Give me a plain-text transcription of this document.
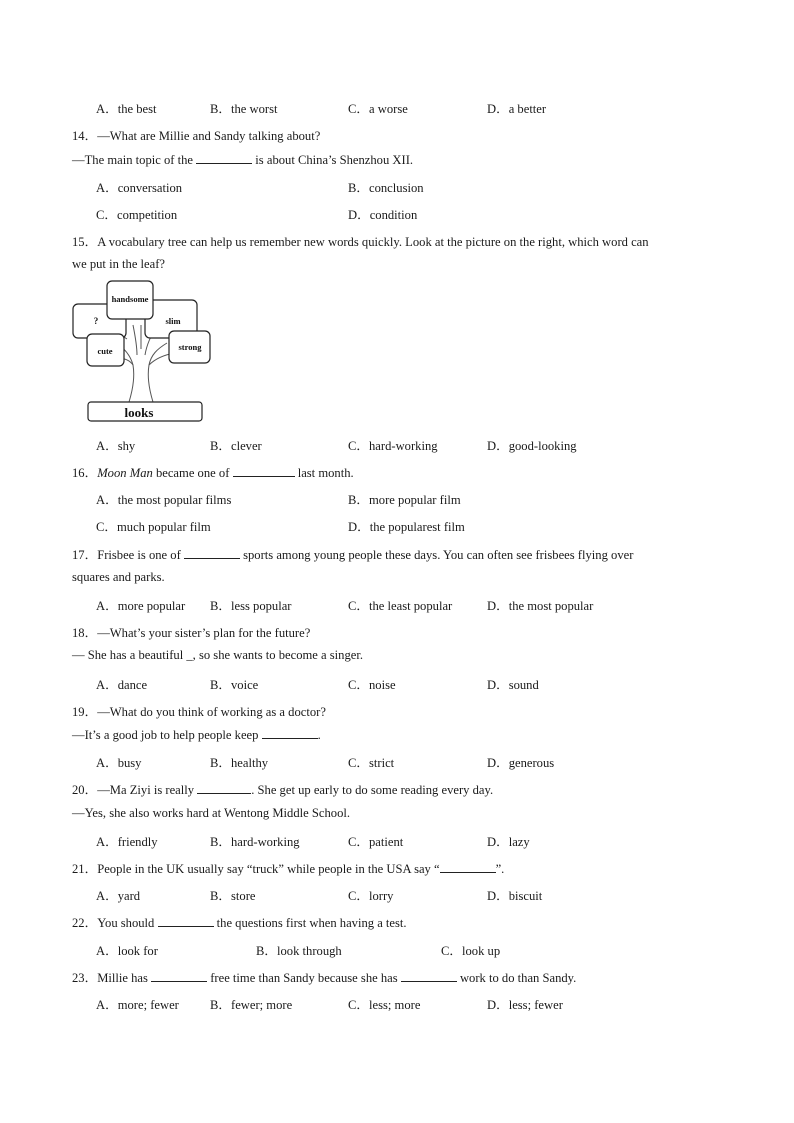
A．the best	B．the worst	C．a worse	D．a better
14．—What are Millie and Sandy talking about?
—The main topic of the	is about China’s Shenzhou XII.
A．conversation	B．conclusion
C．competition	D．condition
15．A vocabulary tree can help us remember new words quickly. Look at the picture on the right, which word can
we put in the leaf?
handsome
?	slim
cute	strong
looks
A．shy	B．clever	C．hard-working	D．good-looking
16．Moon Man became one of	last month.
A．the most popular films	B．more popular film
C．much popular film	D．the popularest film
17．Frisbee is one of	sports among young people these days. You can often see frisbees flying over
squares and parks.
A．more popular B．less popular	C．the least popular	D．the most popular
18．—What’s your sister’s plan for the future?
— She has a beautiful _, so she wants to become a singer.
A．dance	B．voice	C．noise	D．sound
19．—What do you think of working as a doctor?
—It’s a good job to help people keep	.
A．busy	B．healthy	C．strict	D．generous
20．—Ma Ziyi is really	. She get up early to do some reading every day.
—Yes, she also works hard at Wentong Middle School.
A．friendly	B．hard-working	C．patient	D．lazy
21．People in the UK usually say “truck” while people in the USA say “	”.
A．yard	B．store	C．lorry	D．biscuit
22．You should	the questions first when having a test.
A．look for	B．look through	C．look up
23．Millie has	free time than Sandy because she has	work to do than Sandy.
A．more; fewer B．fewer; more	C．less; more	D．less; fewer
